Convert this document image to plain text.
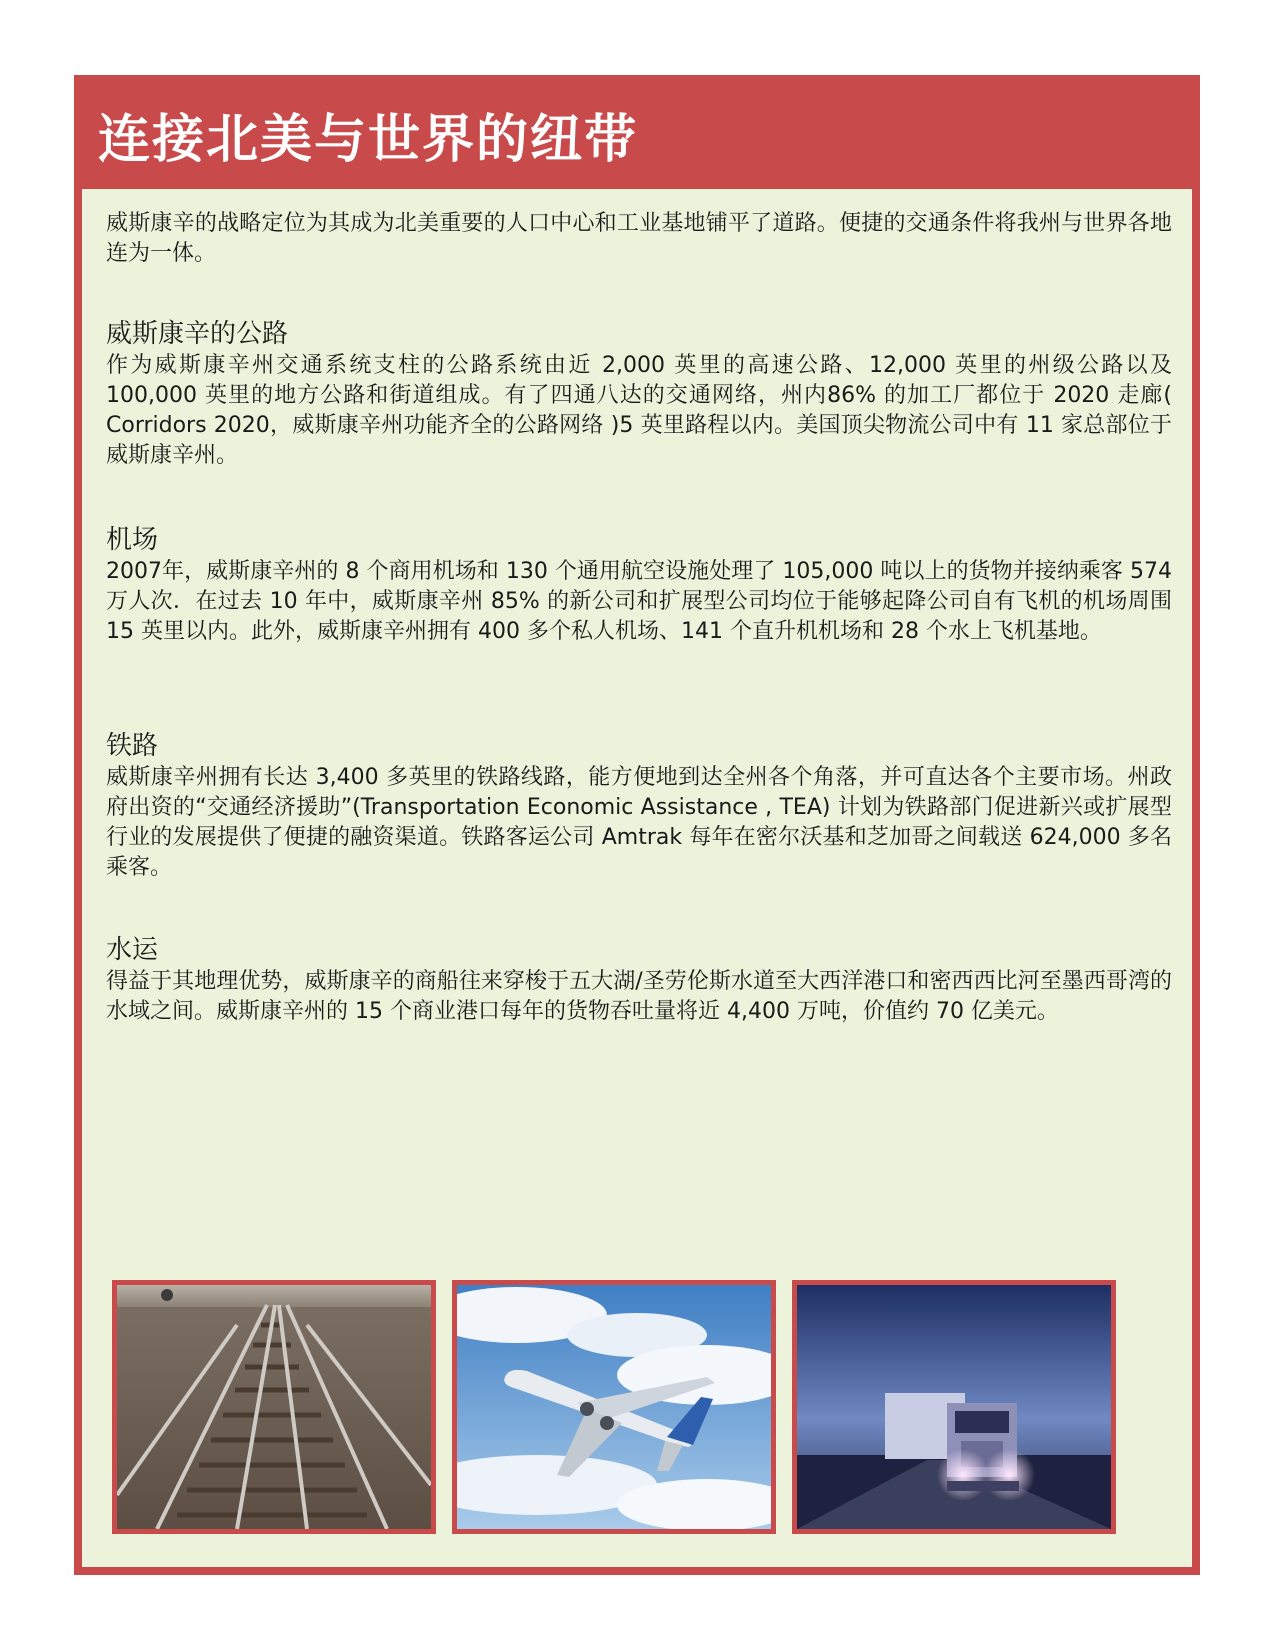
连接北美与世界的纽带

威斯康辛的战略定位为其成为北美重要的人口中心和工业基地铺平了道路。便捷的交通条件将我州与世界各地连为一体。

威斯康辛的公路

作为威斯康辛州交通系统支柱的公路系统由近 2,000 英里的高速公路、12,000 英里的州级公路以及 100,000 英里的地方公路和街道组成。有了四通八达的交通网络，州内86% 的加工厂都位于 2020 走廊( Corridors 2020，威斯康辛州功能齐全的公路网络 )5 英里路程以内。美国顶尖物流公司中有 11 家总部位于威斯康辛州。

机场

2007年，威斯康辛州的 8 个商用机场和 130 个通用航空设施处理了 105,000 吨以上的货物并接纳乘客 574 万人次．在过去 10 年中，威斯康辛州 85% 的新公司和扩展型公司均位于能够起降公司自有飞机的机场周围 15 英里以内。此外，威斯康辛州拥有 400 多个私人机场、141 个直升机机场和 28 个水上飞机基地。

铁路

威斯康辛州拥有长达 3,400 多英里的铁路线路，能方便地到达全州各个角落，并可直达各个主要市场。州政府出资的“交通经济援助”(Transportation Economic Assistance , TEA) 计划为铁路部门促进新兴或扩展型行业的发展提供了便捷的融资渠道。铁路客运公司 Amtrak 每年在密尔沃基和芝加哥之间载送 624,000 多名乘客。

水运

得益于其地理优势，威斯康辛的商船往来穿梭于五大湖/圣劳伦斯水道至大西洋港口和密西西比河至墨西哥湾的水域之间。威斯康辛州的 15 个商业港口每年的货物吞吐量将近 4,400 万吨，价值约 70 亿美元。
